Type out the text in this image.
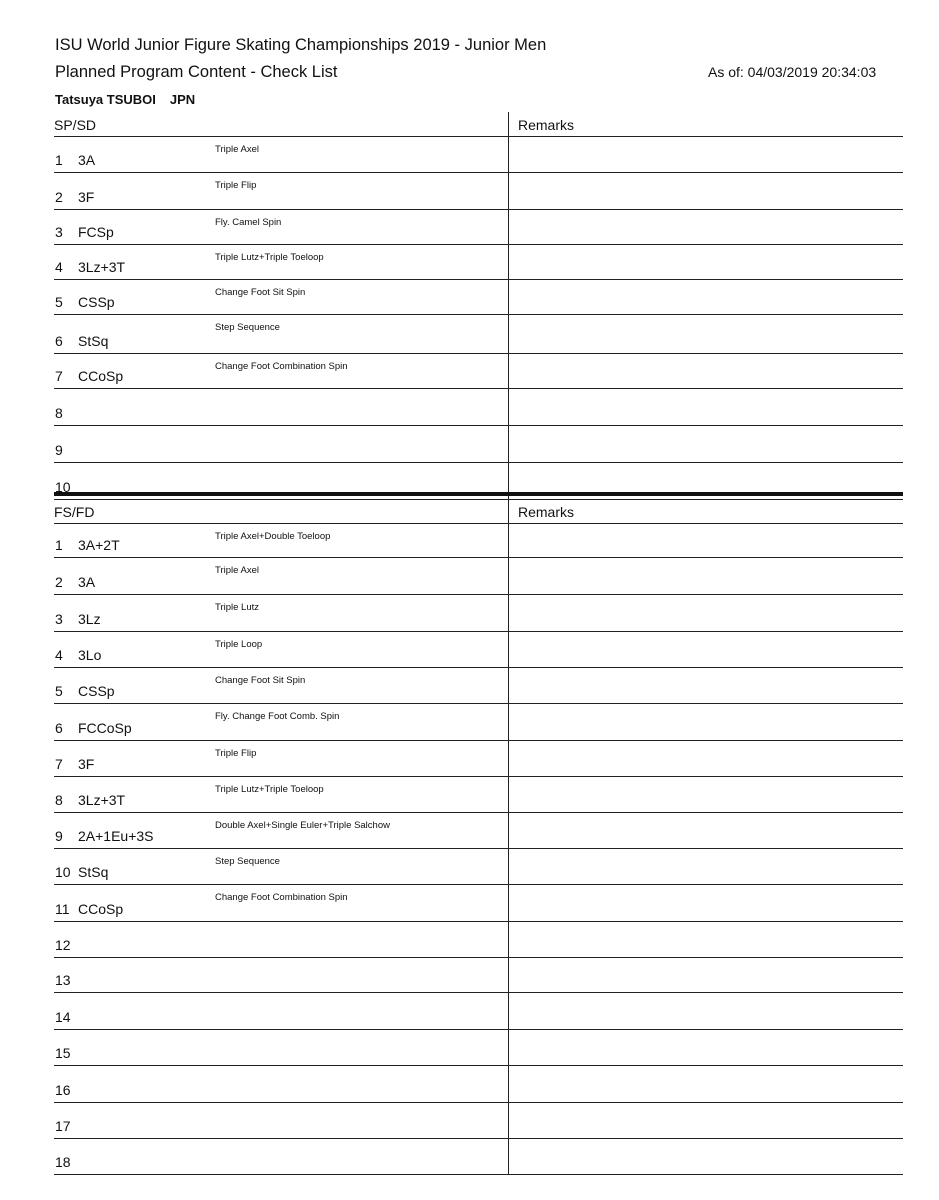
ISU World Junior Figure Skating Championships 2019 - Junior Men
Planned Program Content - Check List	As of: 04/03/2019 20:34:03
Tatsuya TSUBOI JPN
SP/SD	Remarks
1 3A
Triple Axel
2 3F
Triple Flip
3 FCSp
Fly. Camel Spin
4 3Lz+3T
Triple Lutz+Triple Toeloop
5 CSSp
Change Foot Sit Spin
6 StSq
Step Sequence
7 CCoSp
Change Foot Combination Spin
8
9
10
FS/FD	Remarks
1 3A+2T
Triple Axel+Double Toeloop
2 3A
Triple Axel
3 3Lz
Triple Lutz
4 3Lo
Triple Loop
5 CSSp
Change Foot Sit Spin
6 FCCoSp
Fly. Change Foot Comb. Spin
7 3F
Triple Flip
8 3Lz+3T
Triple Lutz+Triple Toeloop
9 2A+1Eu+3S
Double Axel+Single Euler+Triple Salchow
10 StSq
Step Sequence
11 CCoSp
Change Foot Combination Spin
12
13
14
15
16
17
18
